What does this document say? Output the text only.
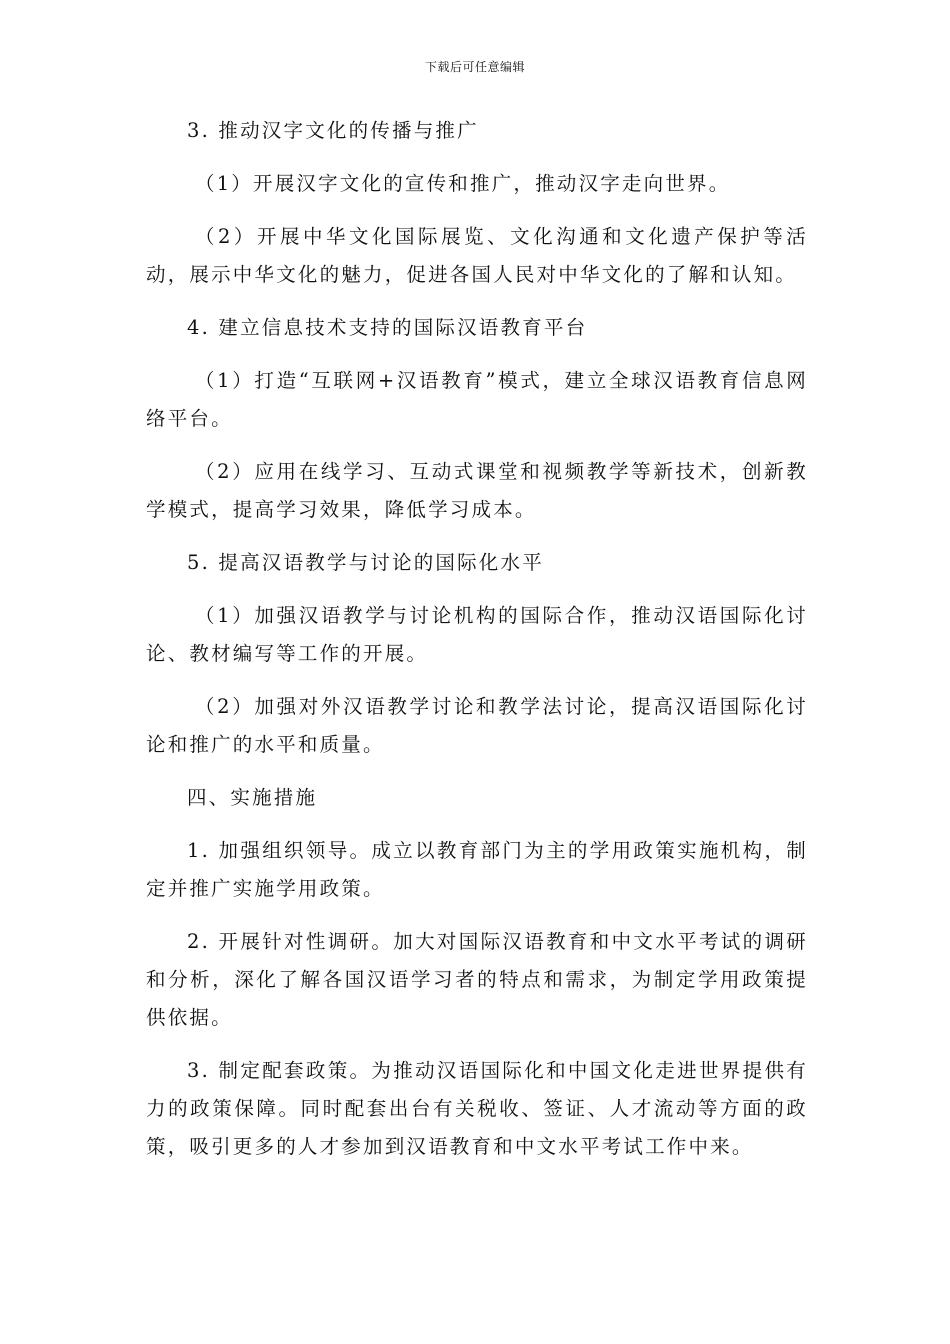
下载后可任意编辑

3. 推动汉字文化的传播与推广

（1）开展汉字文化的宣传和推广，推动汉字走向世界。

（2）开展中华文化国际展览、文化沟通和文化遗产保护等活动，展示中华文化的魅力，促进各国人民对中华文化的了解和认知。

4. 建立信息技术支持的国际汉语教育平台

（1）打造“互联网+汉语教育”模式，建立全球汉语教育信息网络平台。

（2）应用在线学习、互动式课堂和视频教学等新技术，创新教学模式，提高学习效果，降低学习成本。

5. 提高汉语教学与讨论的国际化水平

（1）加强汉语教学与讨论机构的国际合作，推动汉语国际化讨论、教材编写等工作的开展。

（2）加强对外汉语教学讨论和教学法讨论，提高汉语国际化讨论和推广的水平和质量。

四、实施措施

1. 加强组织领导。成立以教育部门为主的学用政策实施机构，制定并推广实施学用政策。

2. 开展针对性调研。加大对国际汉语教育和中文水平考试的调研和分析，深化了解各国汉语学习者的特点和需求，为制定学用政策提供依据。

3. 制定配套政策。为推动汉语国际化和中国文化走进世界提供有力的政策保障。同时配套出台有关税收、签证、人才流动等方面的政策，吸引更多的人才参加到汉语教育和中文水平考试工作中来。
